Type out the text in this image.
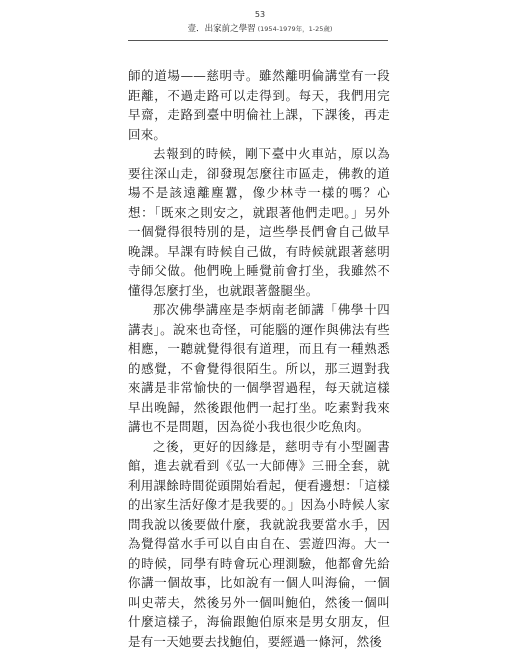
53
壹．出家前之學習 (1954-1979年，1-25歲)

師的道場——慈明寺。雖然離明倫講堂有一段距離，不過走路可以走得到。每天，我們用完早齋，走路到臺中明倫社上課，下課後，再走回來。

去報到的時候，剛下臺中火車站，原以為要往深山走，卻發現怎麼往市區走，佛教的道場不是該遠離塵囂，像少林寺一樣的嗎？心想：「既來之則安之，就跟著他們走吧。」另外一個覺得很特別的是，這些學長們會自己做早晚課。早課有時候自己做，有時候就跟著慈明寺師父做。他們晚上睡覺前會打坐，我雖然不懂得怎麼打坐，也就跟著盤腿坐。

那次佛學講座是李炳南老師講「佛學十四講表」。說來也奇怪，可能腦的運作與佛法有些相應，一聽就覺得很有道理，而且有一種熟悉的感覺，不會覺得很陌生。所以，那三週對我來講是非常愉快的一個學習過程，每天就這樣早出晚歸，然後跟他們一起打坐。吃素對我來講也不是問題，因為從小我也很少吃魚肉。

之後，更好的因緣是，慈明寺有小型圖書館，進去就看到《弘一大師傳》三冊全套，就利用課餘時間從頭開始看起，便看邊想：「這樣的出家生活好像才是我要的。」因為小時候人家問我說以後要做什麼，我就說我要當水手，因為覺得當水手可以自由自在、雲遊四海。大一的時候，同學有時會玩心理測驗，他都會先給你講一個故事，比如說有一個人叫海倫，一個叫史蒂夫，然後另外一個叫鮑伯，然後一個叫什麼這樣子，海倫跟鮑伯原來是男女朋友，但是有一天她要去找鮑伯，要經過一條河，然後
